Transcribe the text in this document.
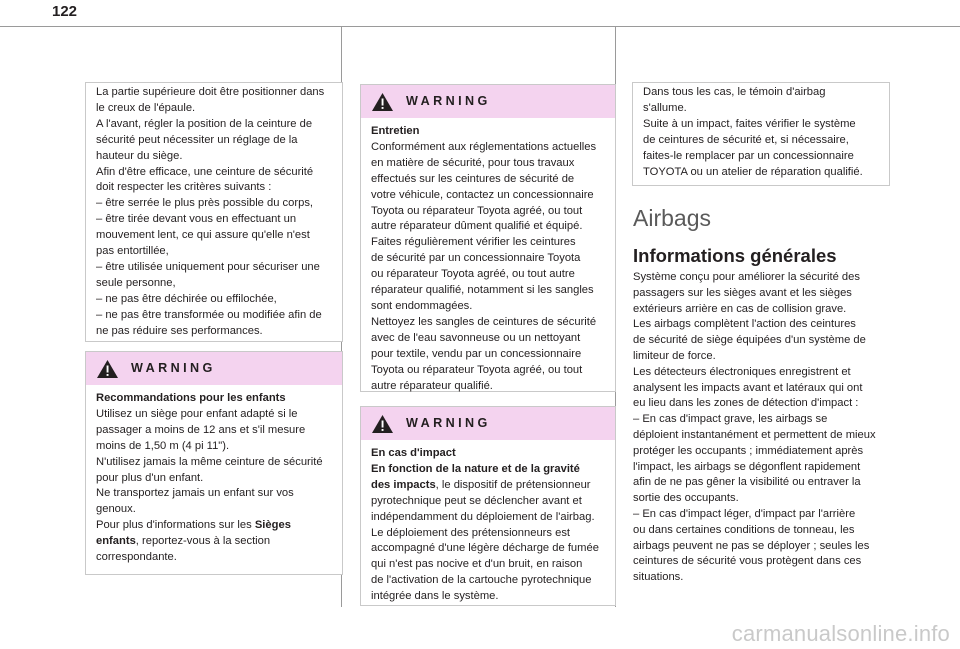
122

La partie supérieure doit être positionner dans

le creux de l'épaule.

A l'avant, régler la position de la ceinture de

sécurité peut nécessiter un réglage de la

hauteur du siège.

Afin d'être efficace, une ceinture de sécurité

doit respecter les critères suivants :

– être serrée le plus près possible du corps,

– être tirée devant vous en effectuant un

mouvement lent, ce qui assure qu'elle n'est

pas entortillée,

– être utilisée uniquement pour sécuriser une

seule personne,

– ne pas être déchirée ou effilochée,

– ne pas être transformée ou modifiée afin de

ne pas réduire ses performances.

WARNING

Recommandations pour les enfants

Utilisez un siège pour enfant adapté si le

passager a moins de 12 ans et s'il mesure

moins de 1,50 m (4 pi 11").

N'utilisez jamais la même ceinture de sécurité

pour plus d'un enfant.

Ne transportez jamais un enfant sur vos

genoux.

Pour plus d'informations sur les Sièges

enfants, reportez-vous à la section

correspondante.

WARNING

Entretien

Conformément aux réglementations actuelles

en matière de sécurité, pour tous travaux

effectués sur les ceintures de sécurité de

votre véhicule, contactez un concessionnaire

Toyota ou réparateur Toyota agréé, ou tout

autre réparateur dûment qualifié et équipé.

Faites régulièrement vérifier les ceintures

de sécurité par un concessionnaire Toyota

ou réparateur Toyota agréé, ou tout autre

réparateur qualifié, notamment si les sangles

sont endommagées.

Nettoyez les sangles de ceintures de sécurité

avec de l'eau savonneuse ou un nettoyant

pour textile, vendu par un concessionnaire

Toyota ou réparateur Toyota agréé, ou tout

autre réparateur qualifié.

WARNING

En cas d'impact

En fonction de la nature et de la gravité

des impacts, le dispositif de prétensionneur

pyrotechnique peut se déclencher avant et

indépendamment du déploiement de l'airbag.

Le déploiement des prétensionneurs est

accompagné d'une légère décharge de fumée

qui n'est pas nocive et d'un bruit, en raison

de l'activation de la cartouche pyrotechnique

intégrée dans le système.

Dans tous les cas, le témoin d'airbag

s'allume.

Suite à un impact, faites vérifier le système

de ceintures de sécurité et, si nécessaire,

faites-le remplacer par un concessionnaire

TOYOTA ou un atelier de réparation qualifié.

Airbags
Informations générales

Système conçu pour améliorer la sécurité des

passagers sur les sièges avant et les sièges

extérieurs arrière en cas de collision grave.

Les airbags complètent l'action des ceintures

de sécurité de siège équipées d'un système de

limiteur de force.

Les détecteurs électroniques enregistrent et

analysent les impacts avant et latéraux qui ont

eu lieu dans les zones de détection d'impact :

– En cas d'impact grave, les airbags se

déploient instantanément et permettent de mieux

protéger les occupants ; immédiatement après

l'impact, les airbags se dégonflent rapidement

afin de ne pas gêner la visibilité ou entraver la

sortie des occupants.

– En cas d'impact léger, d'impact par l'arrière

ou dans certaines conditions de tonneau, les

airbags peuvent ne pas se déployer ; seules les

ceintures de sécurité vous protègent dans ces

situations.

carmanualsonline.info
